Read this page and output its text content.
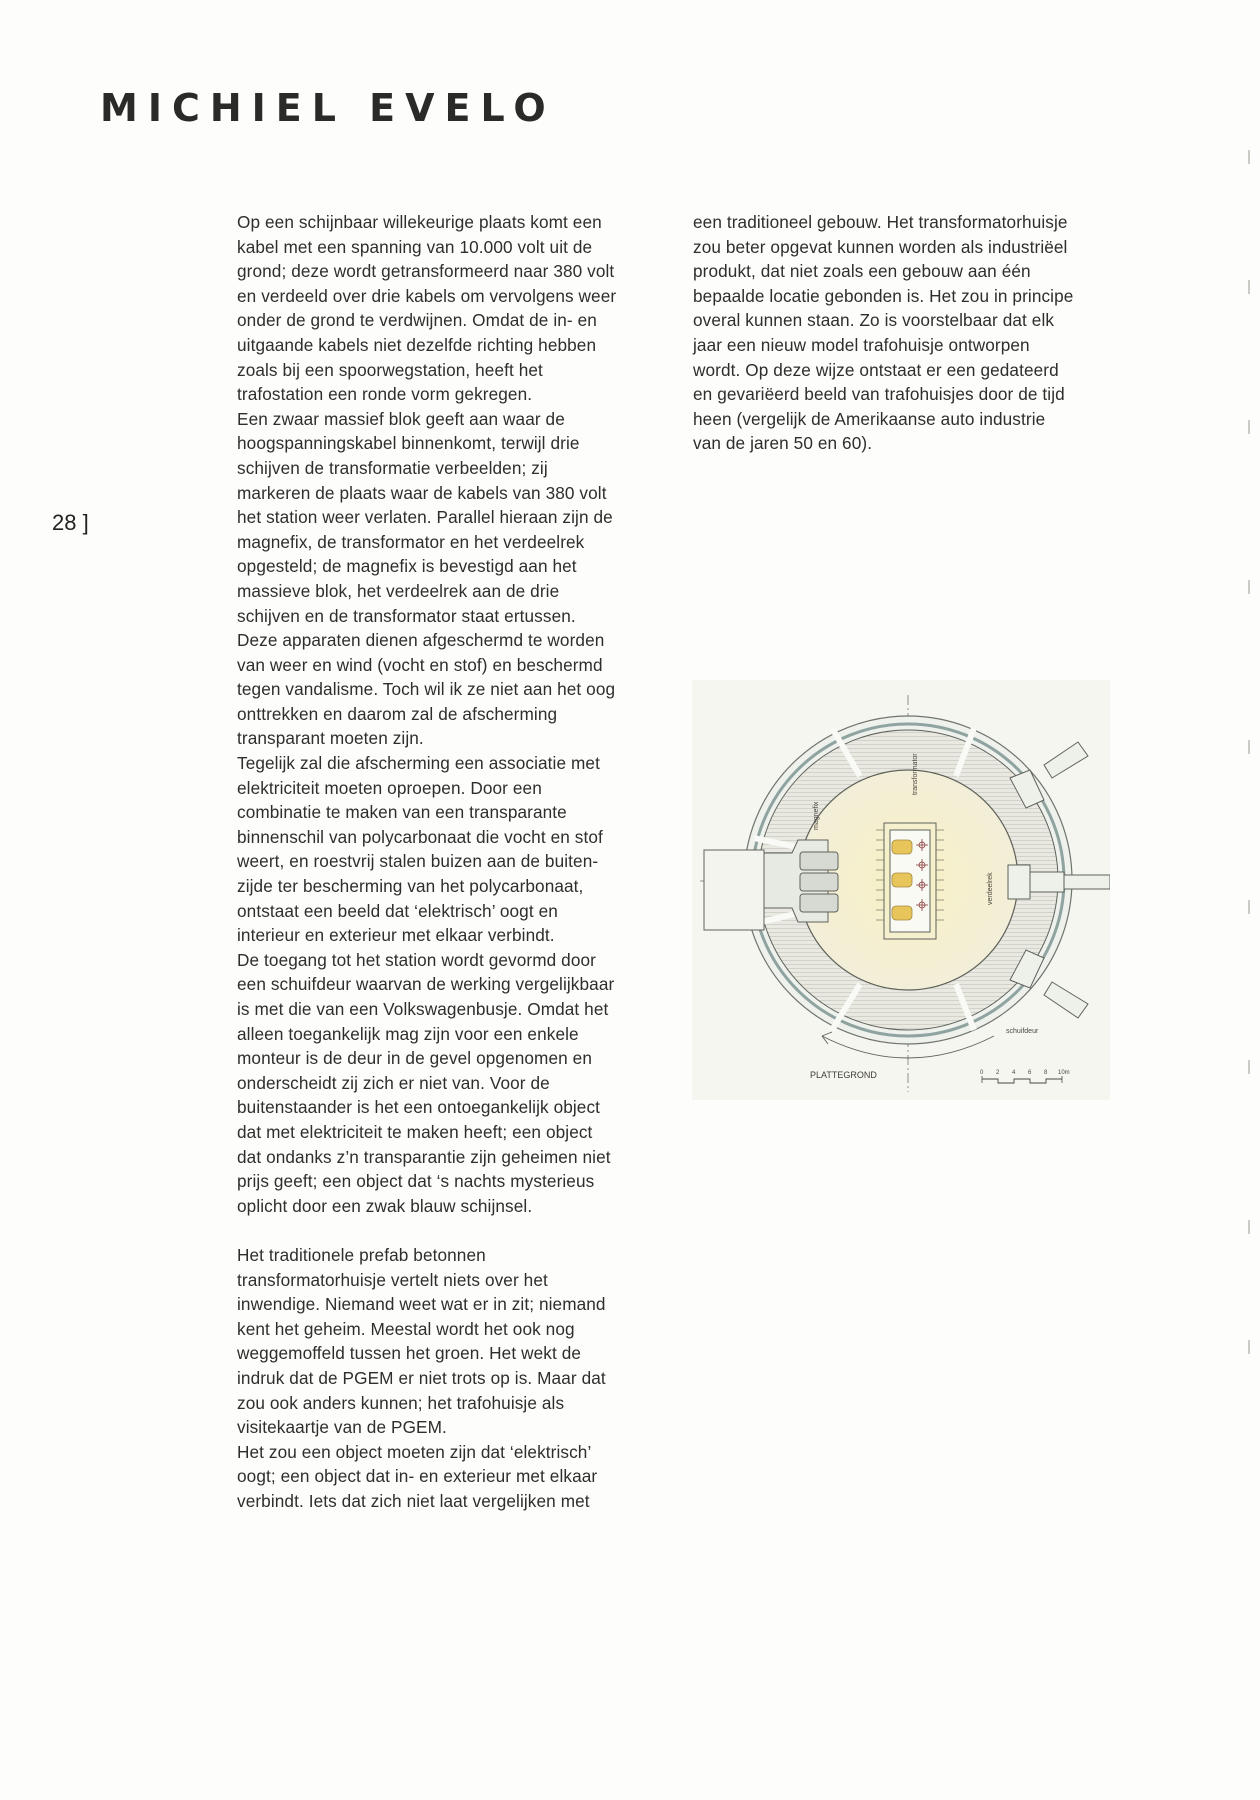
MICHIEL EVELO
28 ]
Op een schijnbaar willekeurige plaats komt een
kabel met een spanning van 10.000 volt uit de
grond; deze wordt getransformeerd naar 380 volt
en verdeeld over drie kabels om vervolgens weer
onder de grond te verdwijnen. Omdat de in- en
uitgaande kabels niet dezelfde richting hebben
zoals bij een spoorwegstation, heeft het
trafostation een ronde vorm gekregen.
Een zwaar massief blok geeft aan waar de
hoogspanningskabel binnenkomt, terwijl drie
schijven de transformatie verbeelden; zij
markeren de plaats waar de kabels van 380 volt
het station weer verlaten. Parallel hieraan zijn de
magnefix, de transformator en het verdeelrek
opgesteld; de magnefix is bevestigd aan het
massieve blok, het verdeelrek aan de drie
schijven en de transformator staat ertussen.
Deze apparaten dienen afgeschermd te worden
van weer en wind (vocht en stof) en beschermd
tegen vandalisme. Toch wil ik ze niet aan het oog
onttrekken en daarom zal de afscherming
transparant moeten zijn.
Tegelijk zal die afscherming een associatie met
elektriciteit moeten oproepen. Door een
combinatie te maken van een transparante
binnenschil van polycarbonaat die vocht en stof
weert, en roestvrij stalen buizen aan de buiten-
zijde ter bescherming van het polycarbonaat,
ontstaat een beeld dat ‘elektrisch’ oogt en
interieur en exterieur met elkaar verbindt.
De toegang tot het station wordt gevormd door
een schuifdeur waarvan de werking vergelijkbaar
is met die van een Volkswagenbusje. Omdat het
alleen toegankelijk mag zijn voor een enkele
monteur is de deur in de gevel opgenomen en
onderscheidt zij zich er niet van. Voor de
buitenstaander is het een ontoegankelijk object
dat met elektriciteit te maken heeft; een object
dat ondanks z’n transparantie zijn geheimen niet
prijs geeft; een object dat ‘s nachts mysterieus
oplicht door een zwak blauw schijnsel.
Het traditionele prefab betonnen
transformatorhuisje vertelt niets over het
inwendige. Niemand weet wat er in zit; niemand
kent het geheim. Meestal wordt het ook nog
weggemoffeld tussen het groen. Het wekt de
indruk dat de PGEM er niet trots op is. Maar dat
zou ook anders kunnen; het trafohuisje als
visitekaartje van de PGEM.
Het zou een object moeten zijn dat ‘elektrisch’
oogt; een object dat in- en exterieur met elkaar
verbindt. Iets dat zich niet laat vergelijken met
een traditioneel gebouw. Het transformatorhuisje
zou beter opgevat kunnen worden als industriëel
produkt, dat niet zoals een gebouw aan één
bepaalde locatie gebonden is. Het zou in principe
overal kunnen staan. Zo is voorstelbaar dat elk
jaar een nieuw model trafohuisje ontworpen
wordt. Op deze wijze ontstaat er een gedateerd
en gevariëerd beeld van trafohuisjes door de tijd
heen (vergelijk de Amerikaanse auto industrie
van de jaren 50 en 60).
magnefix
transformator
verdeelrek
schuifdeur
PLATTEGROND	0 2 4 6 8 10m
